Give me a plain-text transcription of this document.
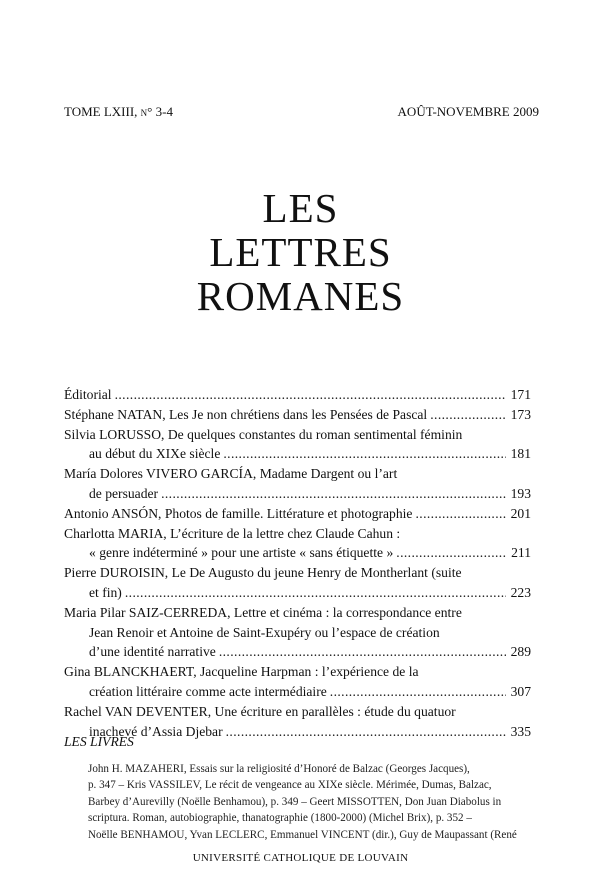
TOME LXIII, n° 3-4	AOÛT-NOVEMBRE 2009
LES
LETTRES
ROMANES
Éditorial . . .	171
Stéphane NATAN, Les Je non chrétiens dans les Pensées de Pascal . . .	173
Silvia LORUSSO, De quelques constantes du roman sentimental féminin
au début du XIXe siècle . . .	181
María Dolores VIVERO GARCÍA, Madame Dargent ou l’art
de persuader . . .	193
Antonio ANSÓN, Photos de famille. Littérature et photographie . . .	201
Charlotta MARIA, L’écriture de la lettre chez Claude Cahun :
« genre indéterminé » pour une artiste « sans étiquette » . . .	211
Pierre DUROISIN, Le De Augusto du jeune Henry de Montherlant (suite
et fin) . . .	223
Maria Pilar SAIZ-CERREDA, Lettre et cinéma : la correspondance entre
Jean Renoir et Antoine de Saint-Exupéry ou l’espace de création
d’une identité narrative . . .	289
Gina BLANCKHAERT, Jacqueline Harpman : l’expérience de la
création littéraire comme acte intermédiaire . . .	307
Rachel VAN DEVENTER, Une écriture en parallèles : étude du quatuor
inachevé d’Assia Djebar . . .	335
LES LIVRES
John H. MAZAHERI, Essais sur la religiosité d’Honoré de Balzac (Georges Jacques),
p. 347 – Kris VASSILEV, Le récit de vengeance au XIXe siècle. Mérimée, Dumas, Balzac,
Barbey d’Aurevilly (Noëlle Benhamou), p. 349 – Geert MISSOTTEN, Don Juan Diabolus in
scriptura. Roman, autobiographie, thanatographie (1800-2000) (Michel Brix), p. 352 –
Noëlle BENHAMOU, Yvan LECLERC, Emmanuel VINCENT (dir.), Guy de Maupassant (René
UNIVERSITÉ CATHOLIQUE DE LOUVAIN
